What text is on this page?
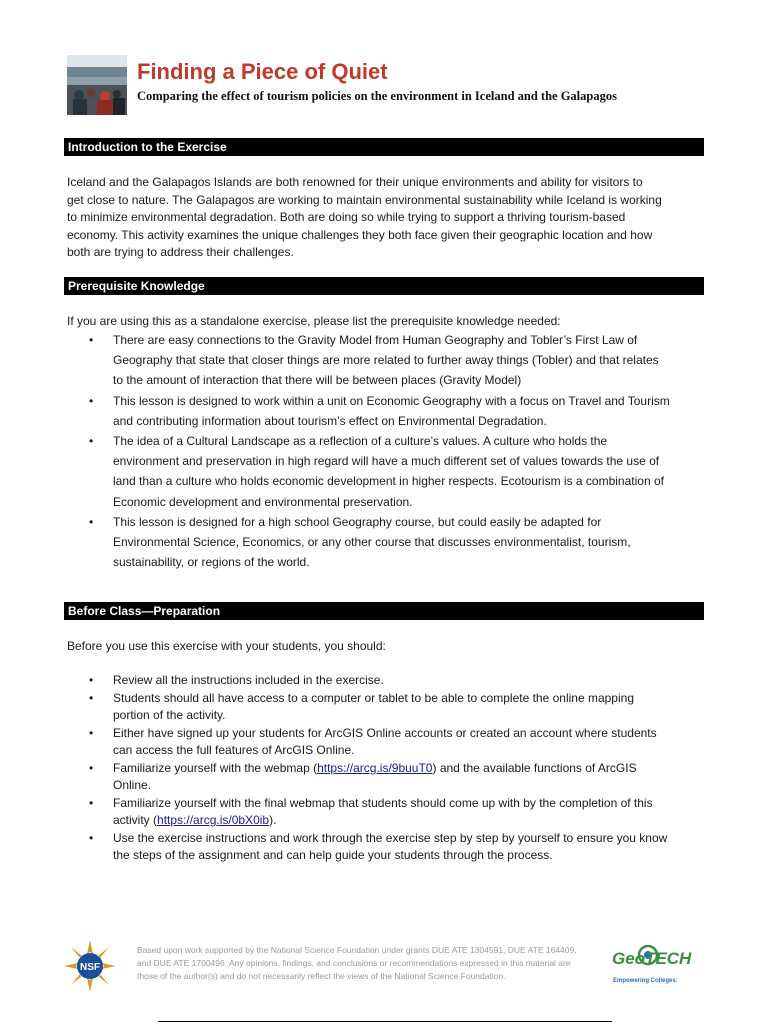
Finding a Piece of Quiet
Comparing the effect of tourism policies on the environment in Iceland and the Galapagos
Introduction to the Exercise

Iceland and the Galapagos Islands are both renowned for their unique environments and ability for visitors to
get close to nature. The Galapagos are working to maintain environmental sustainability while Iceland is working
to minimize environmental degradation. Both are doing so while trying to support a thriving tourism-based
economy. This activity examines the unique challenges they both face given their geographic location and how
both are trying to address their challenges.

Prerequisite Knowledge

If you are using this as a standalone exercise, please list the prerequisite knowledge needed:

• There are easy connections to the Gravity Model from Human Geography and Tobler’s First Law of
Geography that state that closer things are more related to further away things (Tobler) and that relates
to the amount of interaction that there will be between places (Gravity Model)
• This lesson is designed to work within a unit on Economic Geography with a focus on Travel and Tourism
and contributing information about tourism’s effect on Environmental Degradation.
• The idea of a Cultural Landscape as a reflection of a culture’s values. A culture who holds the
environment and preservation in high regard will have a much different set of values towards the use of
land than a culture who holds economic development in higher respects. Ecotourism is a combination of
Economic development and environmental preservation.
• This lesson is designed for a high school Geography course, but could easily be adapted for
Environmental Science, Economics, or any other course that discusses environmentalist, tourism,
sustainability, or regions of the world.
Before Class—Preparation

Before you use this exercise with your students, you should:

• Review all the instructions included in the exercise.
• Students should all have access to a computer or tablet to be able to complete the online mapping
portion of the activity.
• Either have signed up your students for ArcGIS Online accounts or created an account where students
can access the full features of ArcGIS Online.
• Familiarize yourself with the webmap (https://arcg.is/9buuT0) and the available functions of ArcGIS
Online.
• Familiarize yourself with the final webmap that students should come up with by the completion of this
activity (https://arcg.is/0bX0ib).
• Use the exercise instructions and work through the exercise step by step by yourself to ensure you know
the steps of the assignment and can help guide your students through the process.
NSF
Based upon work supported by the National Science Foundation under grants DUE ATE 1304591, DUE ATE 164409,
and DUE ATE 1700496. Any opinions, findings, and conclusions or recommendations expressed in this material are
those of the author(s) and do not necessarily reflect the views of the National Science Foundation.
GeoTECH
Empowering Colleges:
